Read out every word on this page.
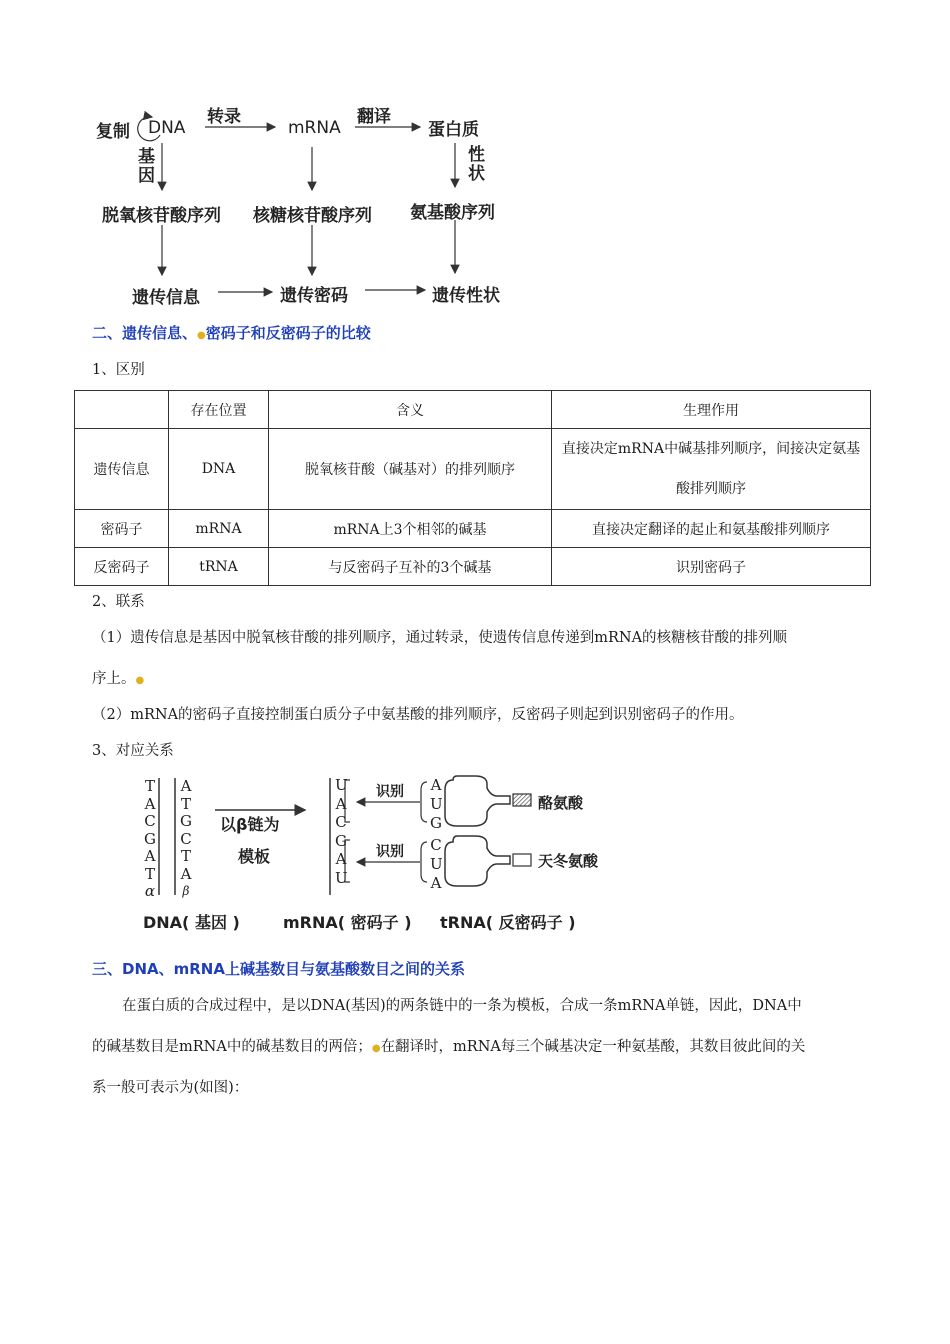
复制 DNA
转录
mRNA
翻译
蛋白质
基因
性状
脱氧核苷酸序列 核糖核苷酸序列 氨基酸序列
遗传信息	遗传密码	遗传性状
二、遗传信息、●密码子和反密码子的比较
1、区别
	存在位置	含义	生理作用
遗传信息	DNA	脱氧核苷酸（碱基对）的排列顺序	直接决定mRNA中碱基排列顺序，间接决定氨基酸排列顺序
密码子	mRNA	mRNA上3个相邻的碱基	直接决定翻译的起止和氨基酸排列顺序
反密码子	tRNA	与反密码子互补的3个碱基	识别密码子
2、联系
（1）遗传信息是基因中脱氧核苷酸的排列顺序，通过转录，使遗传信息传递到mRNA的核糖核苷酸的排列顺
序上。●
（2）mRNA的密码子直接控制蛋白质分子中氨基酸的排列顺序，反密码子则起到识别密码子的作用。
3、对应关系
T
A
C
G
A
T
α
A
T
G
C
T
A
β
以β链为
模板
U
A
C
G
A
U
识别
识别
A
U
G
C
U
A
酪氨酸
天冬氨酸
DNA( 基因 )	mRNA( 密码子 ) tRNA( 反密码子 )
三、DNA、mRNA上碱基数目与氨基酸数目之间的关系
在蛋白质的合成过程中，是以DNA(基因)的两条链中的一条为模板，合成一条mRNA单链，因此，DNA中
的碱基数目是mRNA中的碱基数目的两倍；●在翻译时，mRNA每三个碱基决定一种氨基酸，其数目彼此间的关
系一般可表示为(如图)：
